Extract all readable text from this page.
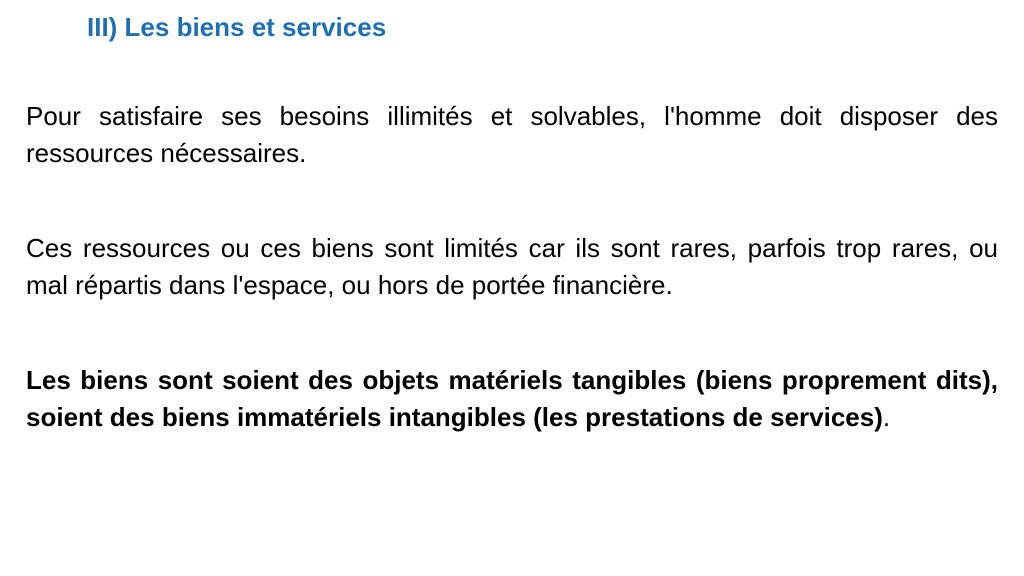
III) Les biens et services

Pour satisfaire ses besoins illimités et solvables, l'homme doit disposer des ressources nécessaires.

Ces ressources ou ces biens sont limités car ils sont rares, parfois trop rares, ou mal répartis dans l'espace, ou hors de portée financière.

Les biens sont soient des objets matériels tangibles (biens proprement dits), soient des biens immatériels intangibles (les prestations de services).
